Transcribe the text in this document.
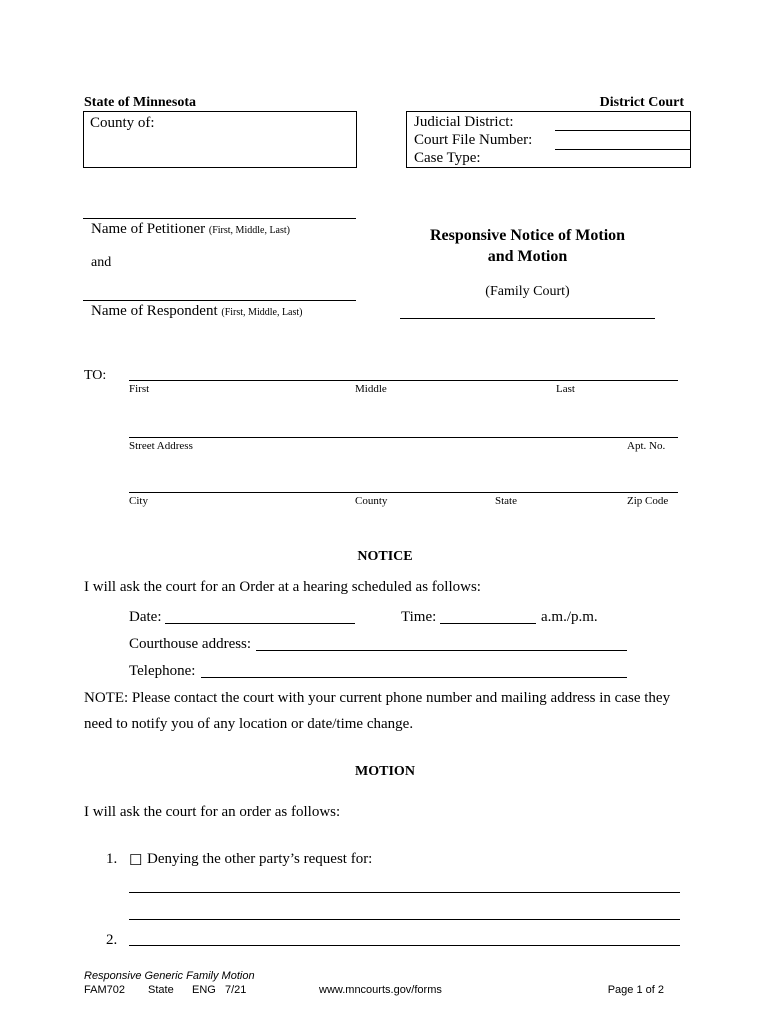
State of Minnesota	District Court
County of:	Judicial District:
Court File Number:
Case Type:
Name of Petitioner (First, Middle, Last)
and
Name of Respondent (First, Middle, Last)
Responsive Notice of Motion
and Motion
(Family Court)
TO:
First	Middle	Last
Street Address	Apt. No.
City	County	State	Zip Code
NOTICE
I will ask the court for an Order at a hearing scheduled as follows:
Date:	Time:	a.m./p.m.
Courthouse address:
Telephone:
NOTE: Please contact the court with your current phone number and mailing address in case they
need to notify you of any location or date/time change.
MOTION
I will ask the court for an order as follows:
1. ☐ Denying the other party’s request for:
2.
Responsive Generic Family Motion
FAM702 State ENG 7/21	www.mncourts.gov/forms	Page 1 of 2
